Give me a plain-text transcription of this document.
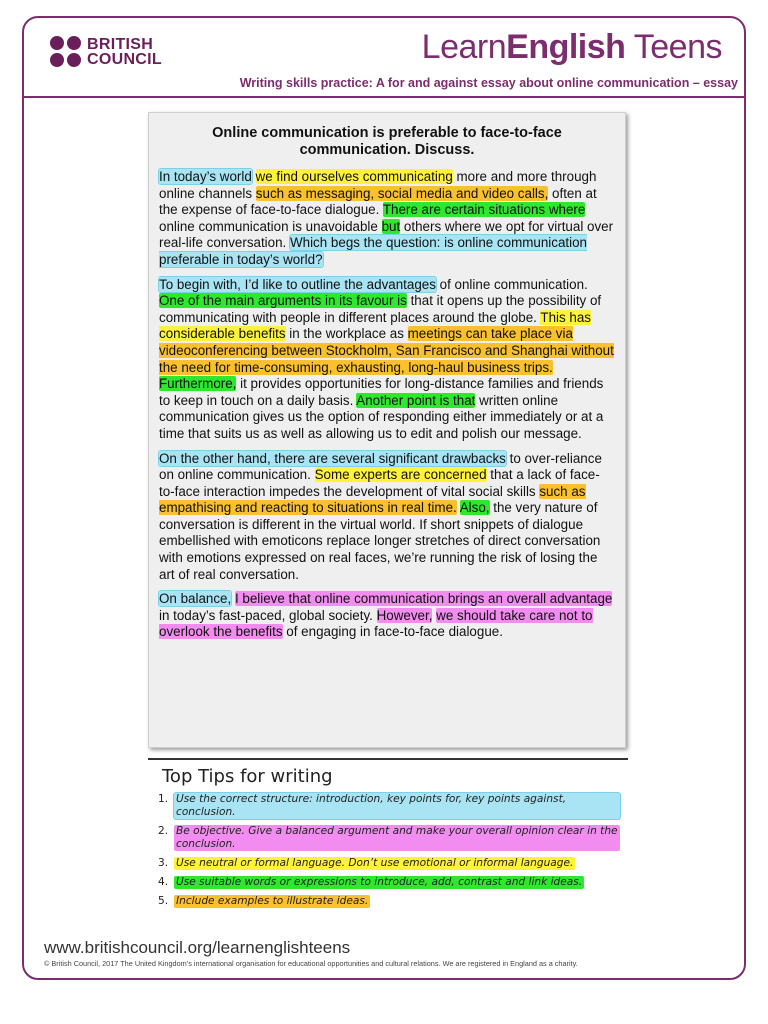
BRITISH
COUNCIL	LearnEnglish Teens
Writing skills practice: A for and against essay about online communication – essay
Online communication is preferable to face-to-face communication. Discuss.

In today’s world we find ourselves communicating more and more through online channels such as messaging, social media and video calls, often at the expense of face-to-face dialogue. There are certain situations where online communication is unavoidable but others where we opt for virtual over real-life conversation. Which begs the question: is online communication preferable in today’s world?

To begin with, I’d like to outline the advantages of online communication. One of the main arguments in its favour is that it opens up the possibility of communicating with people in different places around the globe. This has considerable benefits in the workplace as meetings can take place via videoconferencing between Stockholm, San Francisco and Shanghai without the need for time-consuming, exhausting, long-haul business trips. Furthermore, it provides opportunities for long-distance families and friends to keep in touch on a daily basis. Another point is that written online communication gives us the option of responding either immediately or at a time that suits us as well as allowing us to edit and polish our message.

On the other hand, there are several significant drawbacks to over-reliance on online communication. Some experts are concerned that a lack of face-to-face interaction impedes the development of vital social skills such as empathising and reacting to situations in real time. Also, the very nature of conversation is different in the virtual world. If short snippets of dialogue embellished with emoticons replace longer stretches of direct conversation with emotions expressed on real faces, we’re running the risk of losing the art of real conversation.

On balance, I believe that online communication brings an overall advantage in today’s fast-paced, global society. However, we should take care not to overlook the benefits of engaging in face-to-face dialogue.

Top Tips for writing
1. Use the correct structure: introduction, key points for, key points against, conclusion.
2. Be objective. Give a balanced argument and make your overall opinion clear in the conclusion.
3. Use neutral or formal language. Don’t use emotional or informal language.
4. Use suitable words or expressions to introduce, add, contrast and link ideas.
5. Include examples to illustrate ideas.
www.britishcouncil.org/learnenglishteens
© British Council, 2017 The United Kingdom’s international organisation for educational opportunities and cultural relations. We are registered in England as a charity.
